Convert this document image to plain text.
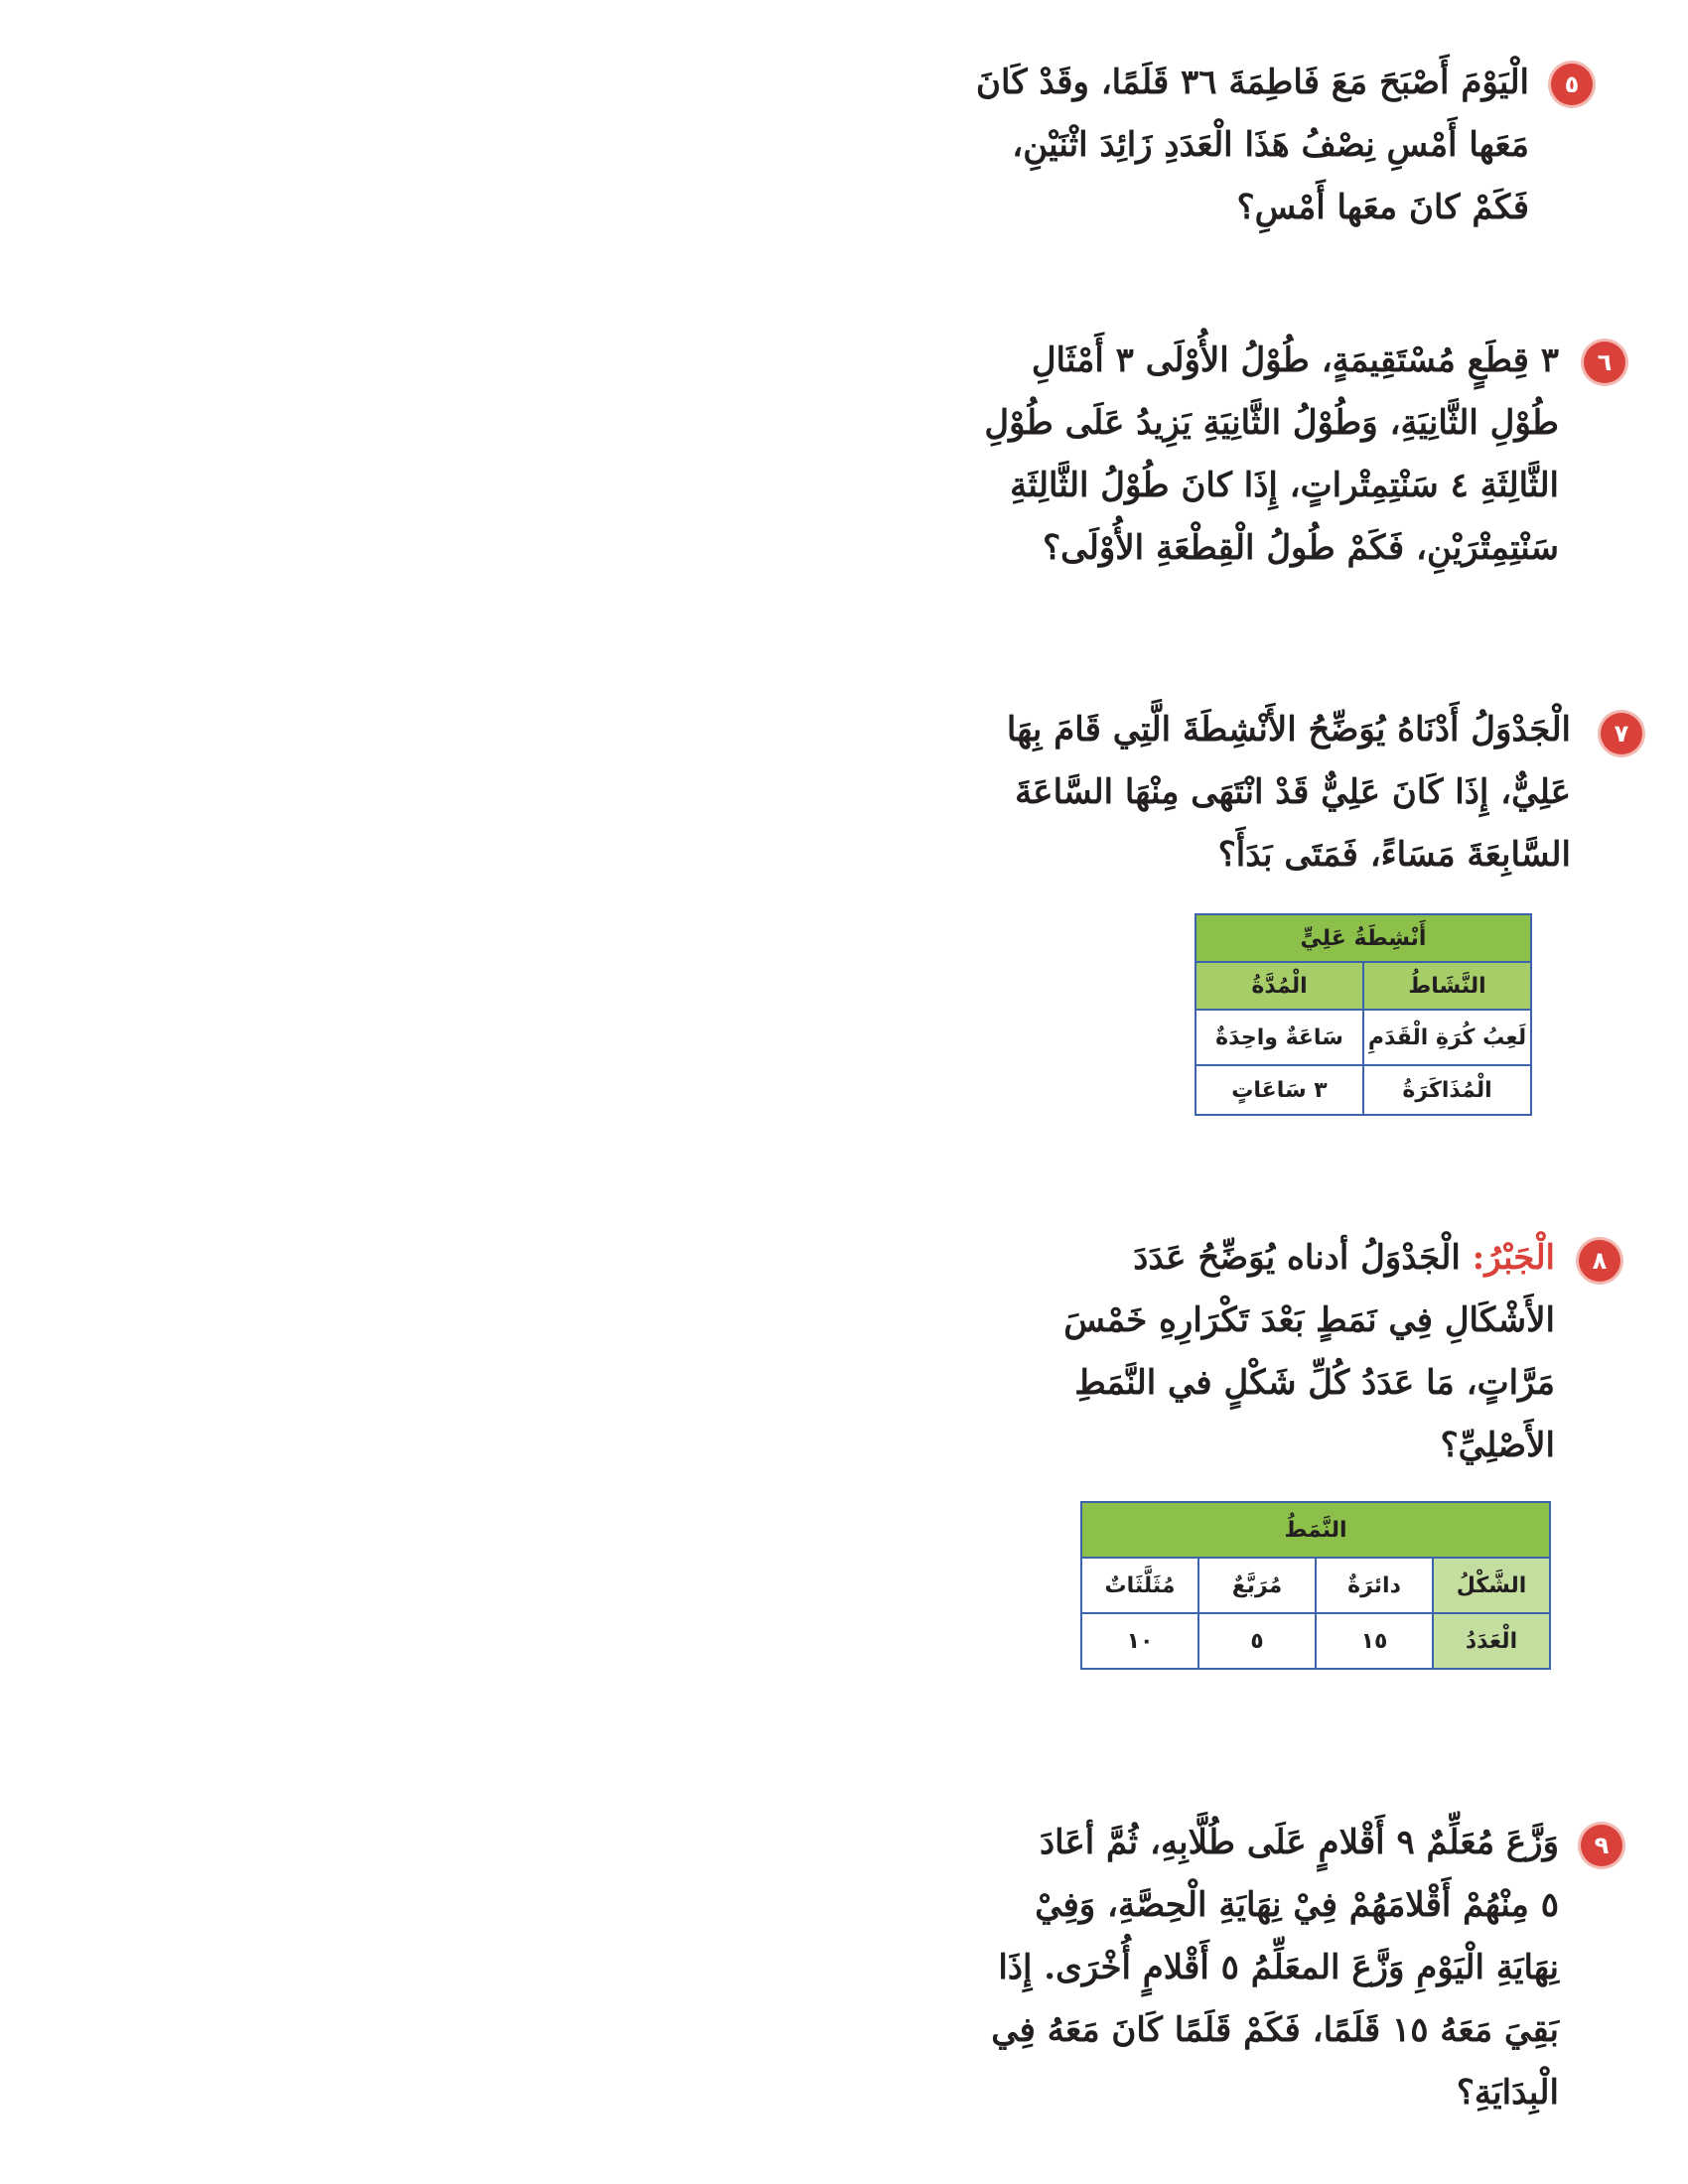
٥
الْيَوْمَ أَصْبَحَ مَعَ فَاطِمَةَ ٣٦ قَلَمًا، وقَدْ كَانَ
مَعَها أَمْسِ نِصْفُ هَذَا الْعَدَدِ زَائِدَ اثْنَيْنِ،
فَكَمْ كانَ معَها أَمْسِ؟
٦
٣ قِطَعٍ مُسْتَقِيمَةٍ، طُوْلُ الأُوْلَى ٣ أَمْثَالِ
طُوْلِ الثَّانِيَةِ، وَطُوْلُ الثَّانِيَةِ يَزِيدُ عَلَى طُوْلِ
الثَّالِثَةِ ٤ سَنْتِمِتْراتٍ، إِذَا كانَ طُوْلُ الثَّالِثَةِ
سَنْتِمِتْرَيْنِ، فَكَمْ طُولُ الْقِطْعَةِ الأُوْلَى؟
٧
الْجَدْوَلُ أَدْنَاهُ يُوَضِّحُ الأَنْشِطَةَ الَّتِي قَامَ بِهَا
عَلِيٌّ، إِذَا كَانَ عَلِيٌّ قَدْ انْتَهَى مِنْهَا السَّاعَةَ
السَّابِعَةَ مَسَاءً، فَمَتَى بَدَأَ؟
أَنْشِطَةُ عَلِيٍّ	
النَّشَاطُ	الْمُدَّةُ
لَعِبُ كُرَةِ الْقَدَمِ	سَاعَةٌ واحِدَةٌ
الْمُذَاكَرَةُ	٣ سَاعَاتٍ
٨
الْجَبْرُ: الْجَدْوَلُ أدناه يُوَضِّحُ عَدَدَ
الأَشْكَالِ فِي نَمَطٍ بَعْدَ تَكْرَارِهِ خَمْسَ
مَرَّاتٍ، مَا عَدَدُ كُلِّ شَكْلٍ في النَّمَطِ
الأَصْلِيِّ؟
النَّمَطُ			
الشَّكْلُ	دائرَةٌ	مُرَبَّعٌ	مُثَلَّثَاتٌ
الْعَدَدُ	١٥	٥	١٠
٩
وَزَّعَ مُعَلِّمٌ ٩ أَقْلامٍ عَلَى طُلَّابِهِ، ثُمَّ أعَادَ
٥ مِنْهُمْ أَقْلامَهُمْ فِيْ نِهَايَةِ الْحِصَّةِ، وَفِيْ
نِهَايَةِ الْيَوْمِ وَزَّعَ المعَلِّمُ ٥ أَقْلامٍ أُخْرَى. إِذَا
بَقِيَ مَعَهُ ١٥ قَلَمًا، فَكَمْ قَلَمًا كَانَ مَعَهُ فِي
الْبِدَايَةِ؟
